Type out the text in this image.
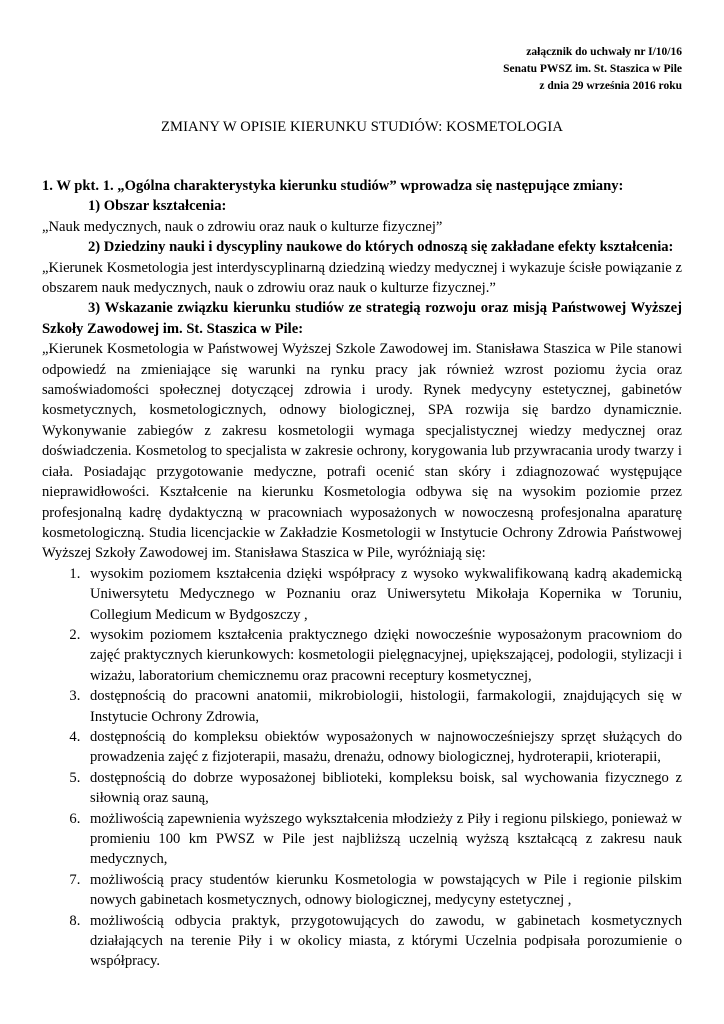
załącznik do uchwały nr I/10/16
Senatu PWSZ im. St. Staszica w Pile
z dnia 29 września 2016 roku
ZMIANY W OPISIE KIERUNKU STUDIÓW: KOSMETOLOGIA

1. W pkt. 1. „Ogólna charakterystyka kierunku studiów” wprowadza się następujące zmiany:

1) Obszar kształcenia:

„Nauk medycznych, nauk o zdrowiu oraz nauk o kulturze fizycznej”

2) Dziedziny nauki i dyscypliny naukowe do których odnoszą się zakładane efekty kształcenia:

„Kierunek Kosmetologia jest interdyscyplinarną dziedziną wiedzy medycznej i wykazuje ścisłe powiązanie z obszarem nauk medycznych, nauk o zdrowiu oraz nauk o kulturze fizycznej.”

3) Wskazanie związku kierunku studiów ze strategią rozwoju oraz misją Państwowej Wyższej Szkoły Zawodowej im. St. Staszica w Pile:

„Kierunek Kosmetologia w Państwowej Wyższej Szkole Zawodowej im. Stanisława Staszica w Pile stanowi odpowiedź na zmieniające się warunki na rynku pracy jak również wzrost poziomu życia oraz samoświadomości społecznej dotyczącej zdrowia i urody. Rynek medycyny estetycznej, gabinetów kosmetycznych, kosmetologicznych, odnowy biologicznej, SPA rozwija się bardzo dynamicznie. Wykonywanie zabiegów z zakresu kosmetologii wymaga specjalistycznej wiedzy medycznej oraz doświadczenia. Kosmetolog to specjalista w zakresie ochrony, korygowania lub przywracania urody twarzy i ciała. Posiadając przygotowanie medyczne, potrafi ocenić stan skóry i zdiagnozować występujące nieprawidłowości. Kształcenie na kierunku Kosmetologia odbywa się na wysokim poziomie przez profesjonalną kadrę dydaktyczną w pracowniach wyposażonych w nowoczesną profesjonalna aparaturę kosmetologiczną. Studia licencjackie w Zakładzie Kosmetologii w Instytucie Ochrony Zdrowia Państwowej Wyższej Szkoły Zawodowej im. Stanisława Staszica w Pile, wyróżniają się:

1. wysokim poziomem kształcenia dzięki współpracy z wysoko wykwalifikowaną kadrą akademicką Uniwersytetu Medycznego w Poznaniu oraz Uniwersytetu Mikołaja Kopernika w Toruniu, Collegium Medicum w Bydgoszczy ,
2. wysokim poziomem kształcenia praktycznego dzięki nowocześnie wyposażonym pracowniom do zajęć praktycznych kierunkowych: kosmetologii pielęgnacyjnej, upiększającej, podologii, stylizacji i wizażu, laboratorium chemicznemu oraz pracowni receptury kosmetycznej,
3. dostępnością do pracowni anatomii, mikrobiologii, histologii, farmakologii, znajdujących się w Instytucie Ochrony Zdrowia,
4. dostępnością do kompleksu obiektów wyposażonych w najnowocześniejszy sprzęt służących do prowadzenia zajęć z fizjoterapii, masażu, drenażu, odnowy biologicznej, hydroterapii, krioterapii,
5. dostępnością do dobrze wyposażonej biblioteki, kompleksu boisk, sal wychowania fizycznego z siłownią oraz sauną,
6. możliwością zapewnienia wyższego wykształcenia młodzieży z Piły i regionu pilskiego, ponieważ w promieniu 100 km PWSZ w Pile jest najbliższą uczelnią wyższą kształcącą z zakresu nauk medycznych,
7. możliwością pracy studentów kierunku Kosmetologia w powstających w Pile i regionie pilskim nowych gabinetach kosmetycznych, odnowy biologicznej, medycyny estetycznej ,
8. możliwością odbycia praktyk, przygotowujących do zawodu, w gabinetach kosmetycznych działających na terenie Piły i w okolicy miasta, z którymi Uczelnia podpisała porozumienie o współpracy.
